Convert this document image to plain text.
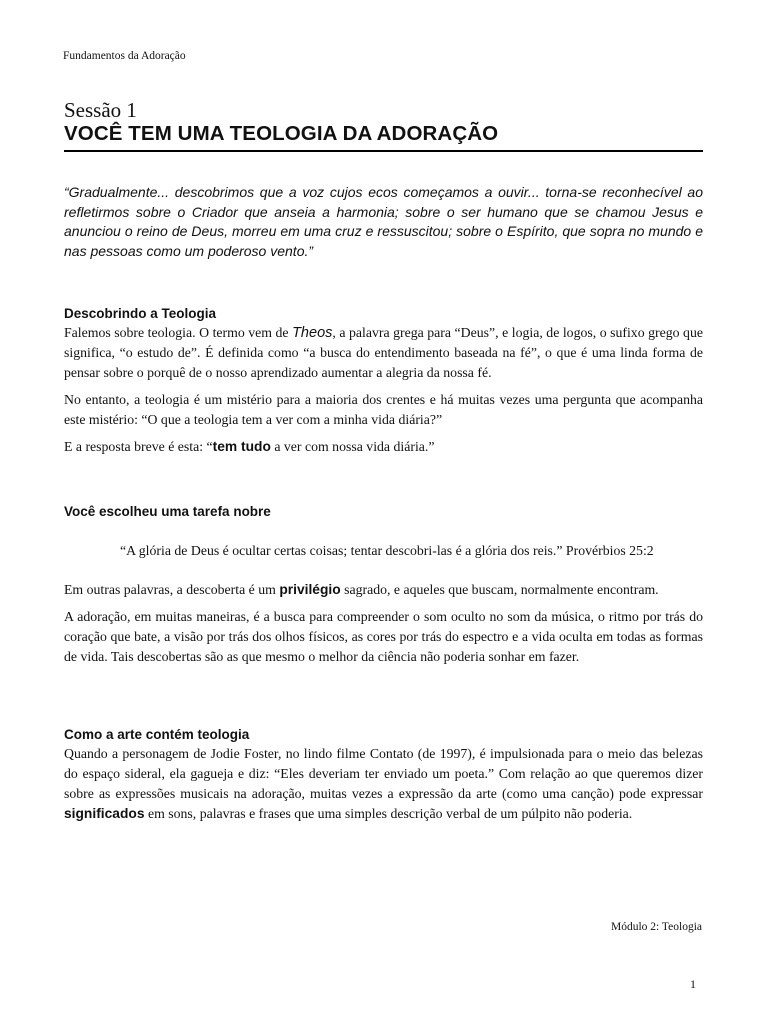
Fundamentos da Adoração
Sessão 1
VOCÊ TEM UMA TEOLOGIA DA ADORAÇÃO

“Gradualmente... descobrimos que a voz cujos ecos começamos a ouvir... torna-se reconhecível ao refletirmos sobre o Criador que anseia a harmonia; sobre o ser humano que se chamou Jesus e anunciou o reino de Deus, morreu em uma cruz e ressuscitou; sobre o Espírito, que sopra no mundo e nas pessoas como um poderoso vento.”

Descobrindo a Teologia

Falemos sobre teologia. O termo vem de Theos, a palavra grega para “Deus”, e logia, de logos, o sufixo grego que significa, “o estudo de”. É definida como “a busca do entendimento baseada na fé”, o que é uma linda forma de pensar sobre o porquê de o nosso aprendizado aumentar a alegria da nossa fé.

No entanto, a teologia é um mistério para a maioria dos crentes e há muitas vezes uma pergunta que acompanha este mistério: “O que a teologia tem a ver com a minha vida diária?”

E a resposta breve é esta: “tem tudo a ver com nossa vida diária.”

Você escolheu uma tarefa nobre

“A glória de Deus é ocultar certas coisas; tentar descobri-las é a glória dos reis.” Provérbios 25:2

Em outras palavras, a descoberta é um privilégio sagrado, e aqueles que buscam, normalmente encontram.

A adoração, em muitas maneiras, é a busca para compreender o som oculto no som da música, o ritmo por trás do coração que bate, a visão por trás dos olhos físicos, as cores por trás do espectro e a vida oculta em todas as formas de vida. Tais descobertas são as que mesmo o melhor da ciência não poderia sonhar em fazer.

Como a arte contém teologia

Quando a personagem de Jodie Foster, no lindo filme Contato (de 1997), é impulsionada para o meio das belezas do espaço sideral, ela gagueja e diz: “Eles deveriam ter enviado um poeta.” Com relação ao que queremos dizer sobre as expressões musicais na adoração, muitas vezes a expressão da arte (como uma canção) pode expressar significados em sons, palavras e frases que uma simples descrição verbal de um púlpito não poderia.

Módulo 2: Teologia
1
